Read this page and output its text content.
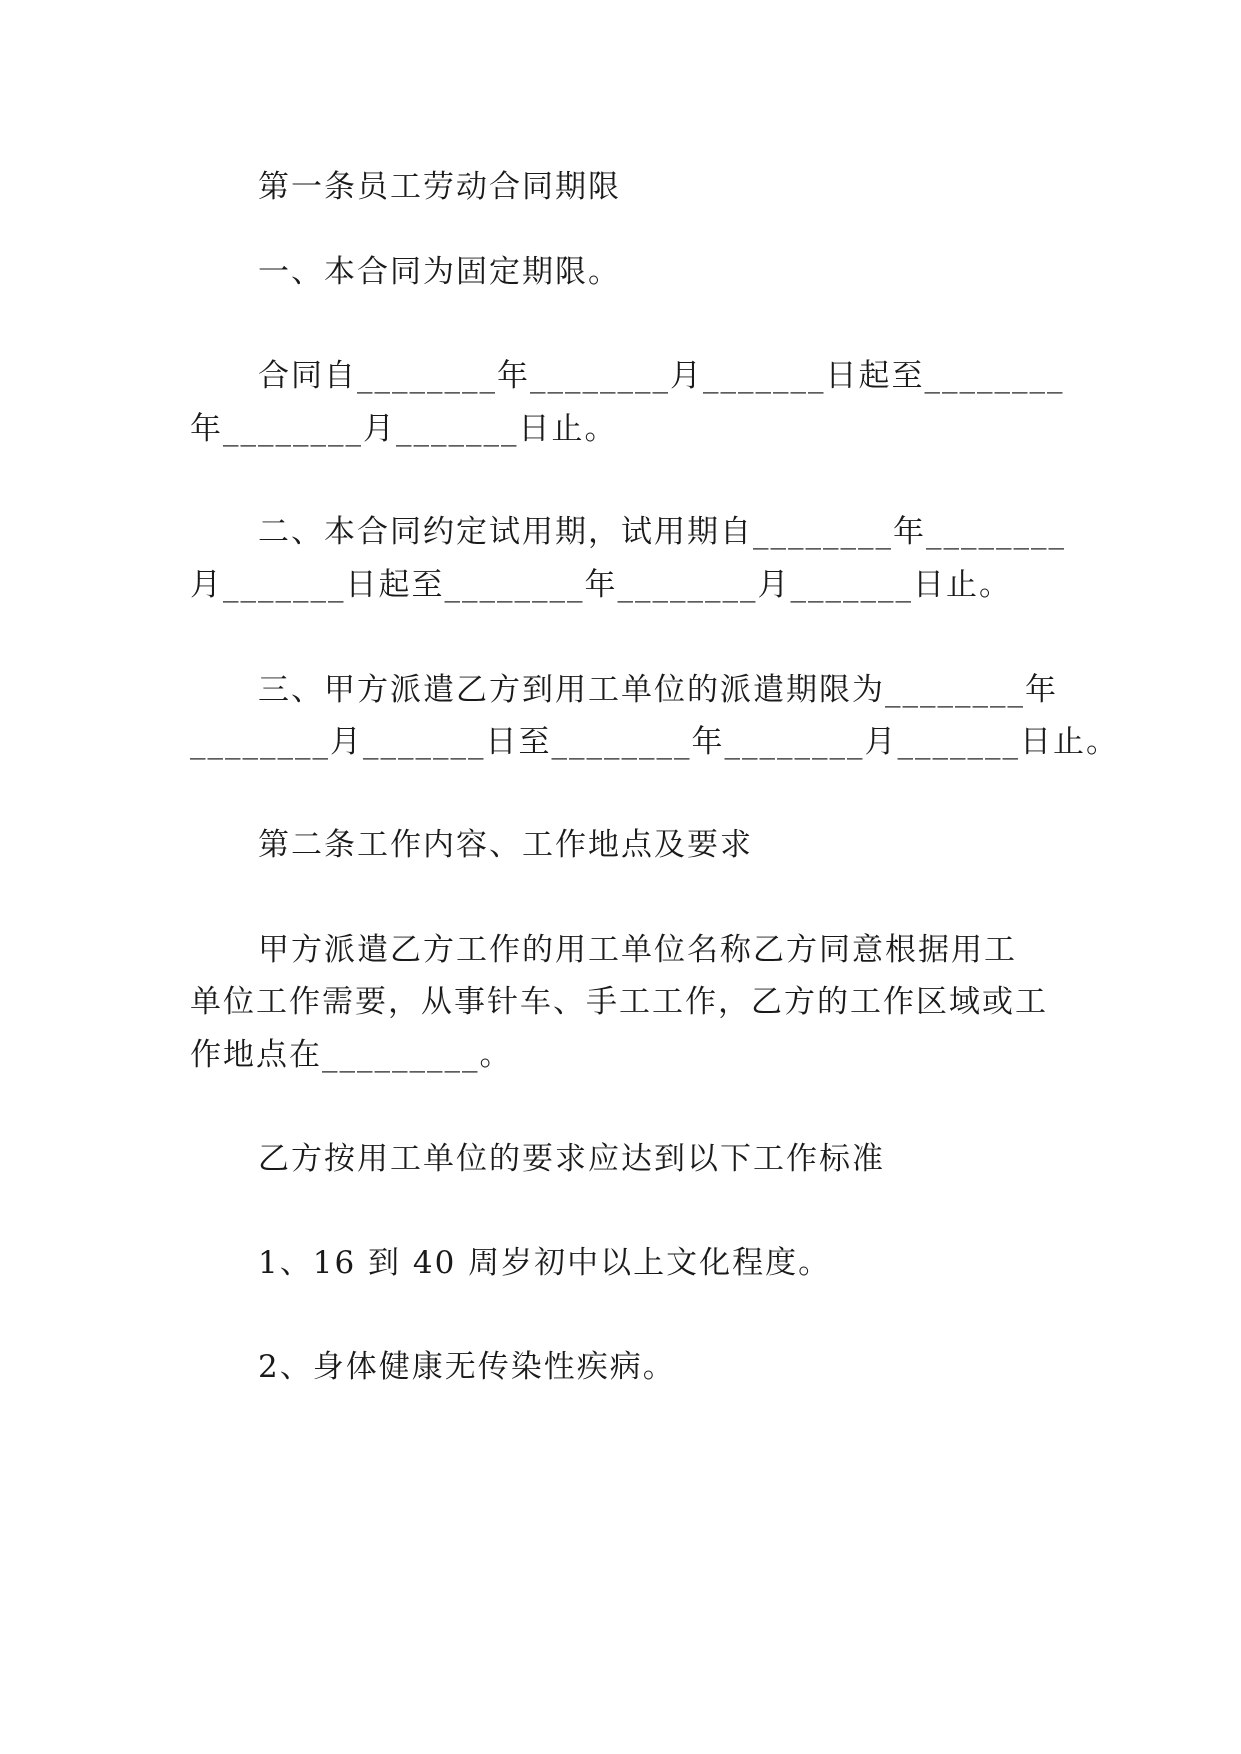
第一条员工劳动合同期限
一、本合同为固定期限。
合同自________年________月_______日起至________
年________月_______日止。
二、本合同约定试用期，试用期自________年________
月_______日起至________年________月_______日止。
三、甲方派遣乙方到用工单位的派遣期限为________年
________月_______日至________年________月_______日止。
第二条工作内容、工作地点及要求
甲方派遣乙方工作的用工单位名称乙方同意根据用工
单位工作需要，从事针车、手工工作，乙方的工作区域或工
作地点在_________。
乙方按用工单位的要求应达到以下工作标准
1、16 到 40 周岁初中以上文化程度。
2、身体健康无传染性疾病。
